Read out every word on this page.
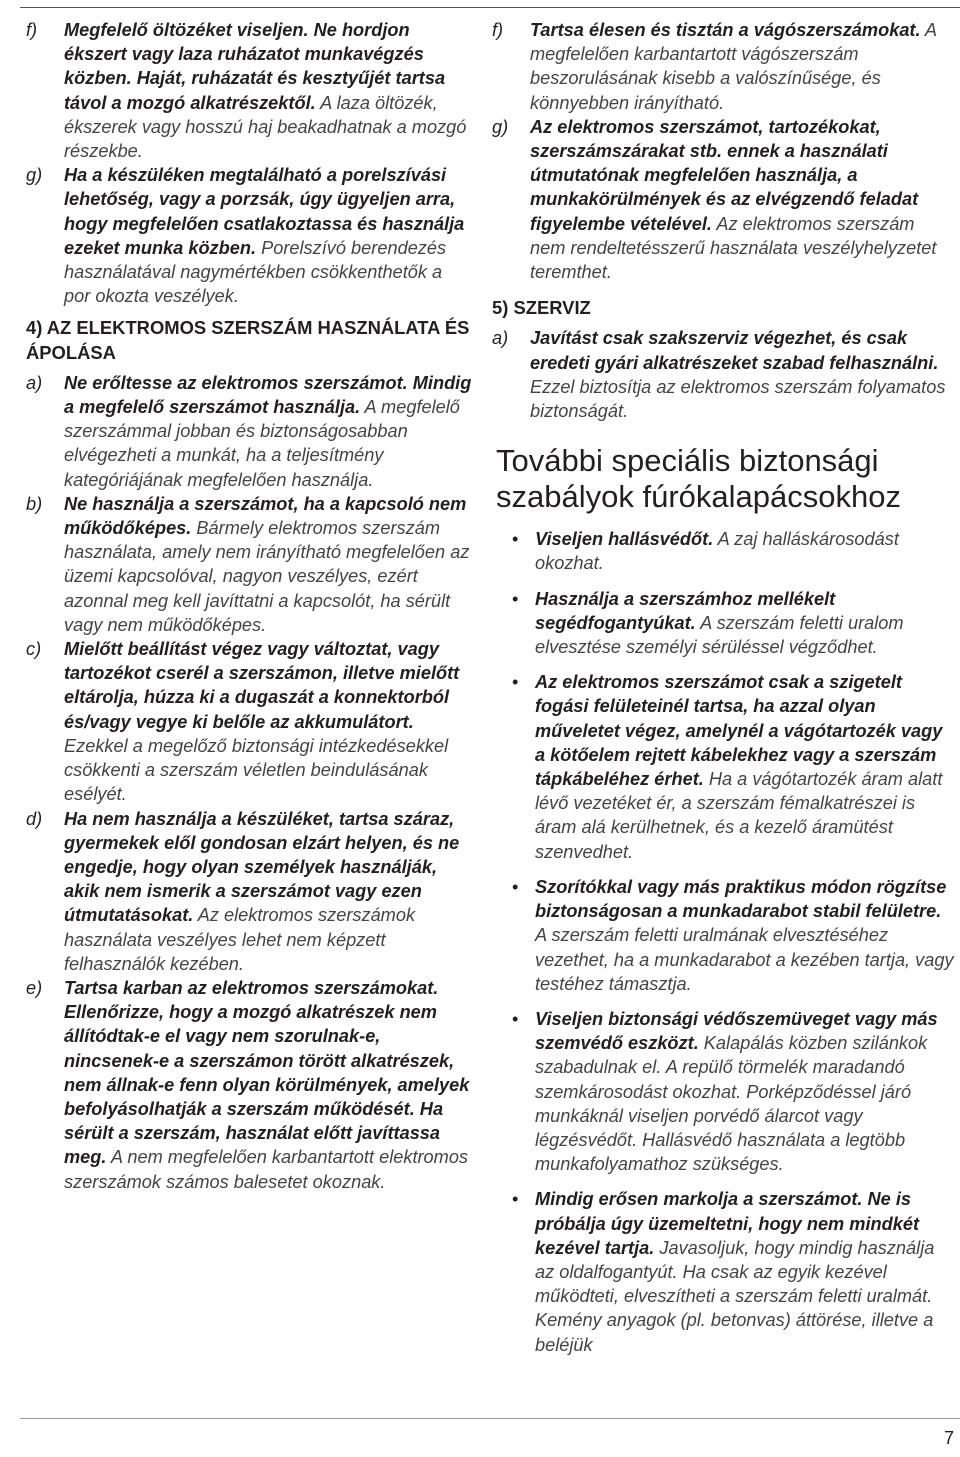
f) Megfelelő öltözéket viseljen. Ne hordjon ékszert vagy laza ruházatot munkavégzés közben. Haját, ruházatát és kesztyűjét tartsa távol a mozgó alkatrészektől. A laza öltözék, ékszerek vagy hosszú haj beakadhatnak a mozgó részekbe.
g) Ha a készüléken megtalálható a porelszívási lehetőség, vagy a porzsák, úgy ügyeljen arra, hogy megfelelően csatlakoztassa és használja ezeket munka közben. Porelszívó berendezés használatával nagymértékben csökkenthetők a por okozta veszélyek.
4) AZ ELEKTROMOS SZERSZÁM HASZNÁLATA ÉS ÁPOLÁSA
a) Ne erőltesse az elektromos szerszámot. Mindig a megfelelő szerszámot használja. A megfelelő szerszámmal jobban és biztonságosabban elvégezheti a munkát, ha a teljesítmény kategóriájának megfelelően használja.
b) Ne használja a szerszámot, ha a kapcsoló nem működőképes. Bármely elektromos szerszám használata, amely nem irányítható megfelelően az üzemi kapcsolóval, nagyon veszélyes, ezért azonnal meg kell javíttatni a kapcsolót, ha sérült vagy nem működőképes.
c) Mielőtt beállítást végez vagy változtat, vagy tartozékot cserél a szerszámon, illetve mielőtt eltárolja, húzza ki a dugaszát a konnektorból és/vagy vegye ki belőle az akkumulátort. Ezekkel a megelőző biztonsági intézkedésekkel csökkenti a szerszám véletlen beindulásának esélyét.
d) Ha nem használja a készüléket, tartsa száraz, gyermekek elől gondosan elzárt helyen, és ne engedje, hogy olyan személyek használják, akik nem ismerik a szerszámot vagy ezen útmutatásokat. Az elektromos szerszámok használata veszélyes lehet nem képzett felhasználók kezében.
e) Tartsa karban az elektromos szerszámokat. Ellenőrizze, hogy a mozgó alkatrészek nem állítódtak-e el vagy nem szorulnak-e, nincsenek-e a szerszámon törött alkatrészek, nem állnak-e fenn olyan körülmények, amelyek befolyásolhatják a szerszám működését. Ha sérült a szerszám, használat előtt javíttassa meg. A nem megfelelően karbantartott elektromos szerszámok számos balesetet okoznak.
f) Tartsa élesen és tisztán a vágószerszámokat. A megfelelően karbantartott vágószerszám beszorulásának kisebb a valószínűsége, és könnyebben irányítható.
g) Az elektromos szerszámot, tartozékokat, szerszámszárakat stb. ennek a használati útmutatónak megfelelően használja, a munkakörülmények és az elvégzendő feladat figyelembe vételével. Az elektromos szerszám nem rendeltetésszerű használata veszélyhelyzetet teremthet.
5) SZERVIZ
a) Javítást csak szakszerviz végezhet, és csak eredeti gyári alkatrészeket szabad felhasználni. Ezzel biztosítja az elektromos szerszám folyamatos biztonságát.
További speciális biztonsági szabályok fúrókalapácsokhoz
• Viseljen hallásvédőt. A zaj halláskárosodást okozhat.
• Használja a szerszámhoz mellékelt segédfogantyúkat. A szerszám feletti uralom elvesztése személyi sérüléssel végződhet.
• Az elektromos szerszámot csak a szigetelt fogási felületeinél tartsa, ha azzal olyan műveletet végez, amelynél a vágótartozék vagy a kötőelem rejtett kábelekhez vagy a szerszám tápkábeléhez érhet. Ha a vágótartozék áram alatt lévő vezetéket ér, a szerszám fémalkatrészei is áram alá kerülhetnek, és a kezelő áramütést szenvedhet.
• Szorítókkal vagy más praktikus módon rögzítse biztonságosan a munkadarabot stabil felületre. A szerszám feletti uralmának elvesztéséhez vezethet, ha a munkadarabot a kezében tartja, vagy testéhez támasztja.
• Viseljen biztonsági védőszemüveget vagy más szemvédő eszközt. Kalapálás közben szilánkok szabadulnak el. A repülő törmelék maradandó szemkárosodást okozhat. Porképződéssel járó munkáknál viseljen porvédő álarcot vagy légzésvédőt. Hallásvédő használata a legtöbb munkafolyamathoz szükséges.
• Mindig erősen markolja a szerszámot. Ne is próbálja úgy üzemeltetni, hogy nem mindkét kezével tartja. Javasoljuk, hogy mindig használja az oldalfogantyút. Ha csak az egyik kezével működteti, elveszítheti a szerszám feletti uralmát. Kemény anyagok (pl. betonvas) áttörése, illetve a beléjük
7
